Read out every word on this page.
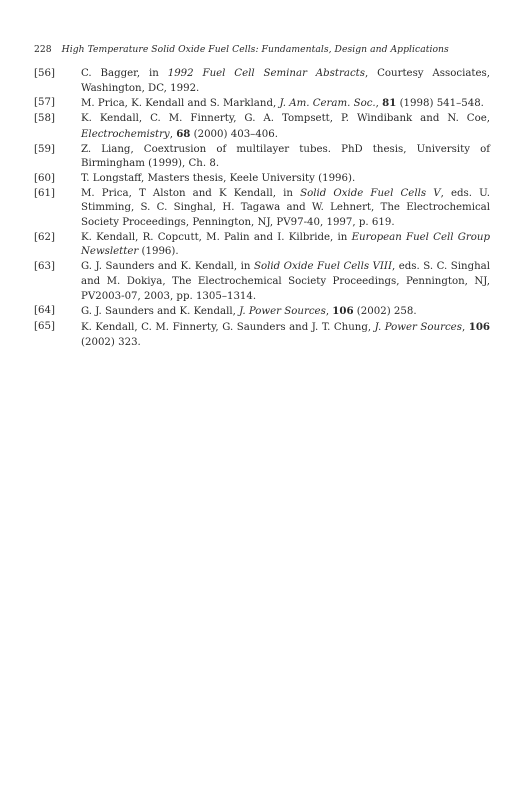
228 High Temperature Solid Oxide Fuel Cells: Fundamentals, Design and Applications
[56]	C. Bagger, in 1992 Fuel Cell Seminar Abstracts, Courtesy Associates, Washington, DC, 1992.
[57]	M. Prica, K. Kendall and S. Markland, J. Am. Ceram. Soc., 81 (1998) 541–548.
[58]	K. Kendall, C. M. Finnerty, G. A. Tompsett, P. Windibank and N. Coe, Electrochemistry, 68 (2000) 403–406.
[59]	Z. Liang, Coextrusion of multilayer tubes. PhD thesis, University of Birmingham (1999), Ch. 8.
[60]	T. Longstaff, Masters thesis, Keele University (1996).
[61]	M. Prica, T Alston and K Kendall, in Solid Oxide Fuel Cells V, eds. U. Stimming, S. C. Singhal, H. Tagawa and W. Lehnert, The Electrochemical Society Proceedings, Pennington, NJ, PV97-40, 1997, p. 619.
[62]	K. Kendall, R. Copcutt, M. Palin and I. Kilbride, in European Fuel Cell Group Newsletter (1996).
[63]	G. J. Saunders and K. Kendall, in Solid Oxide Fuel Cells VIII, eds. S. C. Singhal and M. Dokiya, The Electrochemical Society Proceedings, Pennington, NJ, PV2003-07, 2003, pp. 1305–1314.
[64]	G. J. Saunders and K. Kendall, J. Power Sources, 106 (2002) 258.
[65]	K. Kendall, C. M. Finnerty, G. Saunders and J. T. Chung, J. Power Sources, 106 (2002) 323.
